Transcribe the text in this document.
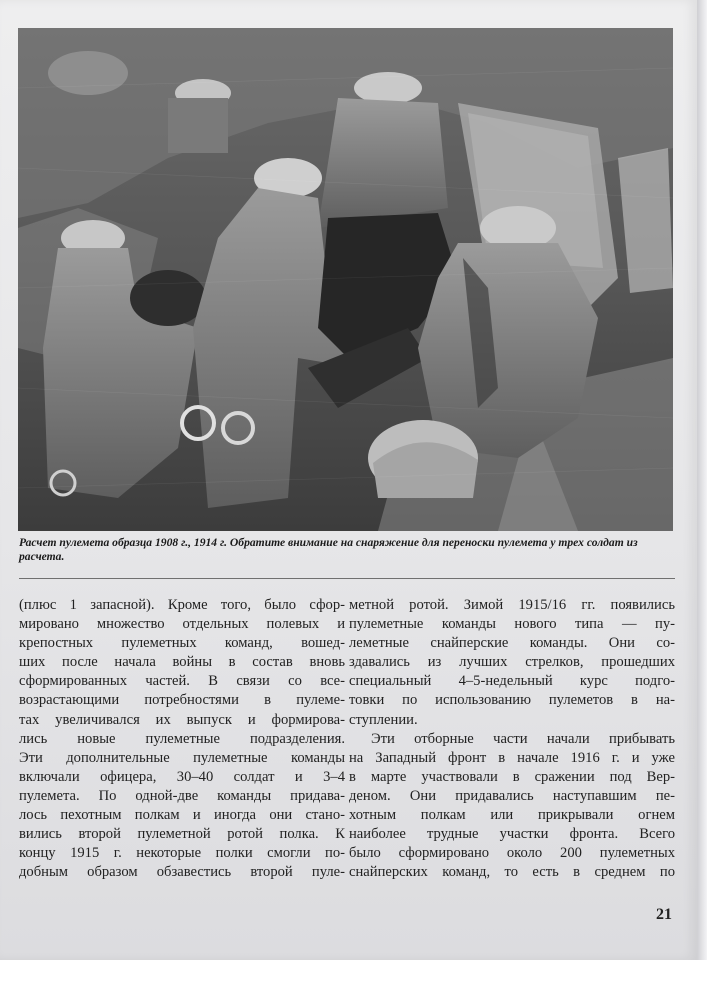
Расчет пулемета образца 1908 г., 1914 г. Обратите внимание на снаряжение для переноски пулемета у трех солдат из расчета.

(плюс 1 запасной). Кроме того, было сфор-

мировано множество отдельных полевых и

крепостных пулеметных команд, вошед-

ших после начала войны в состав вновь

сформированных частей. В связи со все-

возрастающими потребностями в пулеме-

тах увеличивался их выпуск и формирова-

лись новые пулеметные подразделения.

Эти дополнительные пулеметные команды

включали офицера, 30–40 солдат и 3–4

пулемета. По одной-две команды придава-

лось пехотным полкам и иногда они стано-

вились второй пулеметной ротой полка. К

концу 1915 г. некоторые полки смогли по-

добным образом обзавестись второй пуле-

метной ротой. Зимой 1915/16 гг. появились

пулеметные команды нового типа — пу-

леметные снайперские команды. Они со-

здавались из лучших стрелков, прошедших

специальный 4–5-недельный курс подго-

товки по использованию пулеметов в на-

ступлении.

Эти отборные части начали прибывать

на Западный фронт в начале 1916 г. и уже

в марте участвовали в сражении под Вер-

деном. Они придавались наступавшим пе-

хотным полкам или прикрывали огнем

наиболее трудные участки фронта. Всего

было сформировано около 200 пулеметных

снайперских команд, то есть в среднем по

21
